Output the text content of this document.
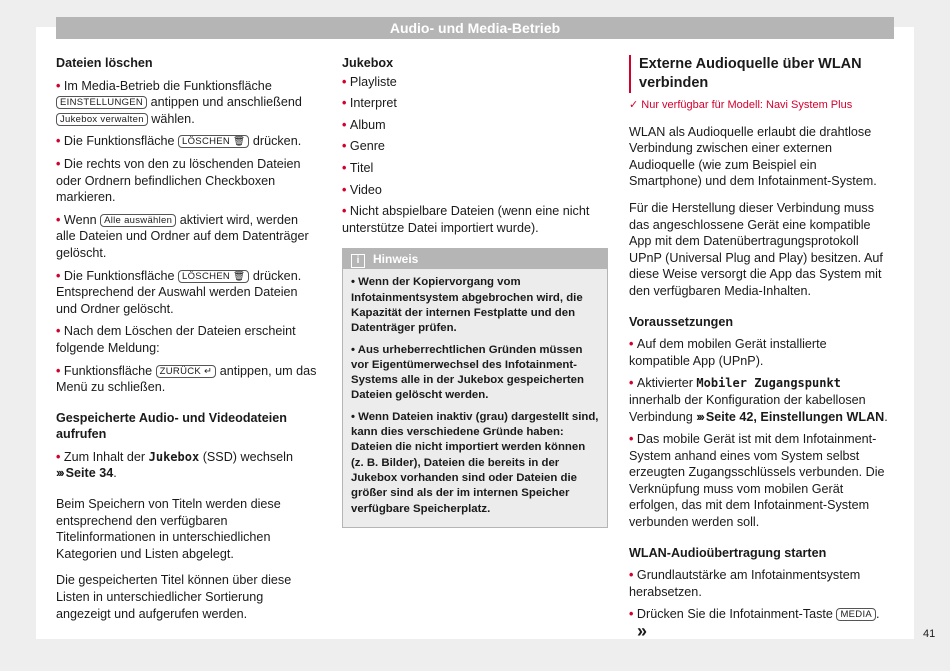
Audio- und Media-Betrieb
Dateien löschen

• Im Media-Betrieb die Funktionsfläche EINSTELLUNGEN antippen und anschließend Jukebox verwalten wählen.

• Die Funktionsfläche LÖSCHEN 🗑 drücken.

• Die rechts von den zu löschenden Dateien oder Ordnern befindlichen Checkboxen markieren.

• Wenn Alle auswählen aktiviert wird, werden alle Dateien und Ordner auf dem Datenträger gelöscht.

• Die Funktionsfläche LÖSCHEN 🗑 drücken. Entsprechend der Auswahl werden Dateien und Ordner gelöscht.

• Nach dem Löschen der Dateien erscheint folgende Meldung:

• Funktionsfläche ZURÜCK ↵ antippen, um das Menü zu schließen.

Gespeicherte Audio- und Videodateien aufrufen

• Zum Inhalt der Jukebox (SSD) wechseln
››› Seite 34.

Beim Speichern von Titeln werden diese entsprechend den verfügbaren Titelinformationen in unterschiedlichen Kategorien und Listen abgelegt.

Die gespeicherten Titel können über diese Listen in unterschiedlicher Sortierung angezeigt und aufgerufen werden.

Jukebox

• Playliste

• Interpret

• Album

• Genre

• Titel

• Video

• Nicht abspielbare Dateien (wenn eine nicht unterstütze Datei importiert wurde).

i Hinweis

• Wenn der Kopiervorgang vom Infotainmentsystem abgebrochen wird, die Kapazität der internen Festplatte und den Datenträger prüfen.

• Aus urheberrechtlichen Gründen müssen vor Eigentümerwechsel des Infotainment-Systems alle in der Jukebox gespeicherten Dateien gelöscht werden.

• Wenn Dateien inaktiv (grau) dargestellt sind, kann dies verschiedene Gründe haben: Dateien die nicht importiert werden können (z. B. Bilder), Dateien die bereits in der Jukebox vorhanden sind oder Dateien die größer sind als der im internen Speicher verfügbare Speicherplatz.

Externe Audioquelle über WLAN verbinden
✓ Nur verfügbar für Modell: Navi System Plus

WLAN als Audioquelle erlaubt die drahtlose Verbindung zwischen einer externen Audioquelle (wie zum Beispiel ein Smartphone) und dem Infotainment-System.

Für die Herstellung dieser Verbindung muss das angeschlossene Gerät eine kompatible App mit dem Datenübertragungsprotokoll UPnP (Universal Plug and Play) besitzen. Auf diese Weise versorgt die App das System mit den verfügbaren Media-Inhalten.

Voraussetzungen

• Auf dem mobilen Gerät installierte kompatible App (UPnP).

• Aktivierter Mobiler Zugangspunkt innerhalb der Konfiguration der kabellosen Verbindung ››› Seite 42, Einstellungen WLAN.

• Das mobile Gerät ist mit dem Infotainment-System anhand eines vom System selbst erzeugten Zugangsschlüssels verbunden. Die Verknüpfung muss vom mobilen Gerät erfolgen, das mit dem Infotainment-System verbunden werden soll.

WLAN-Audioübertragung starten

• Grundlautstärke am Infotainmentsystem herabsetzen.

• Drücken Sie die Infotainment-Taste MEDIA . »	41
